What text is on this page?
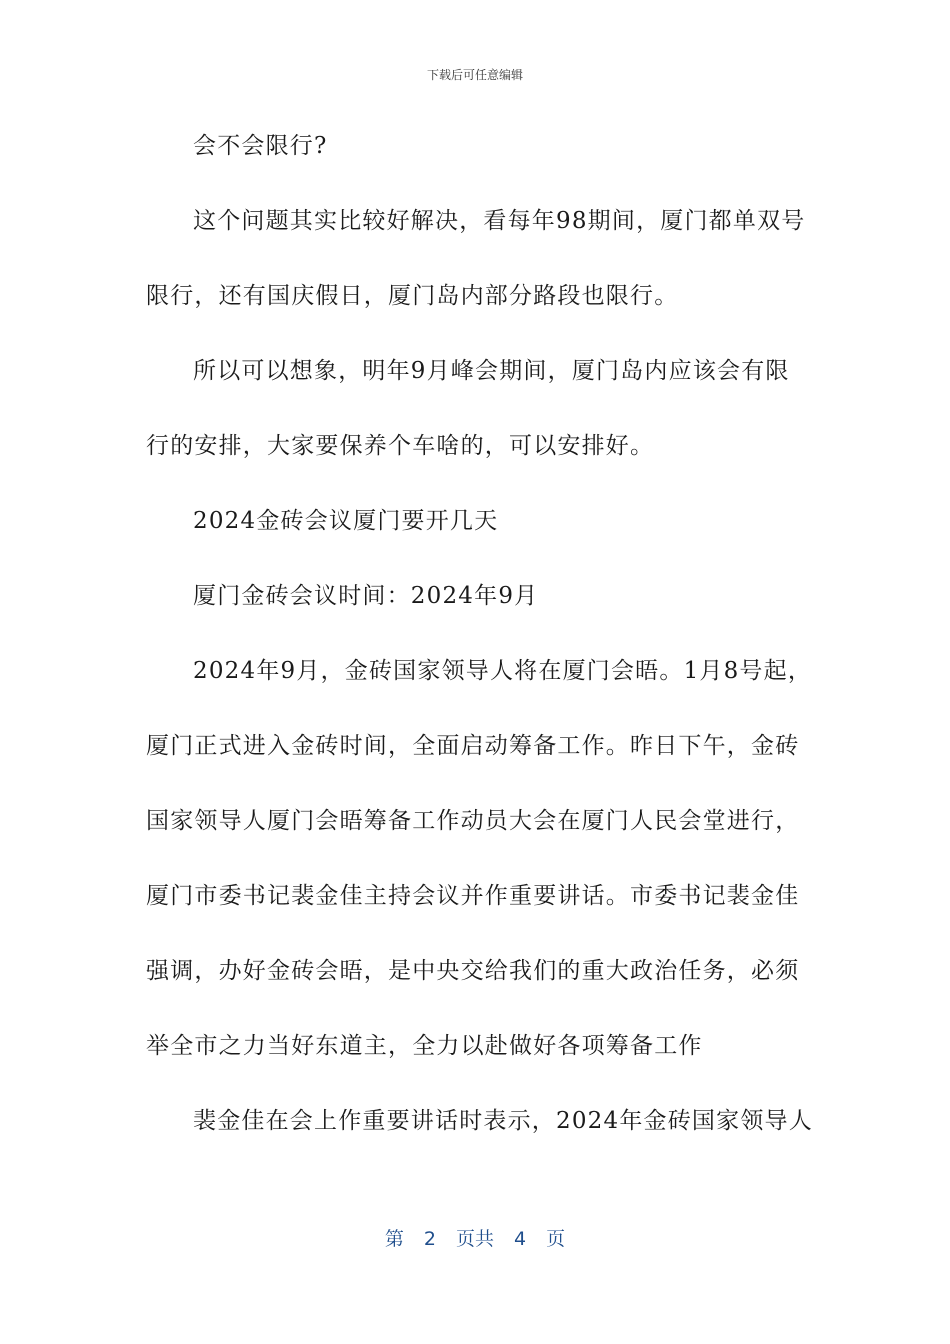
下载后可任意编辑
会不会限行?
这个问题其实比较好解决，看每年98期间，厦门都单双号
限行，还有国庆假日，厦门岛内部分路段也限行。
所以可以想象，明年9月峰会期间，厦门岛内应该会有限
行的安排，大家要保养个车啥的，可以安排好。
2024金砖会议厦门要开几天
厦门金砖会议时间：2024年9月
2024年9月，金砖国家领导人将在厦门会晤。1月8号起，
厦门正式进入金砖时间，全面启动筹备工作。昨日下午，金砖
国家领导人厦门会晤筹备工作动员大会在厦门人民会堂进行，
厦门市委书记裴金佳主持会议并作重要讲话。市委书记裴金佳
强调，办好金砖会晤，是中央交给我们的重大政治任务，必须
举全市之力当好东道主，全力以赴做好各项筹备工作
裴金佳在会上作重要讲话时表示，2024年金砖国家领导人
第 2 页共 4 页
